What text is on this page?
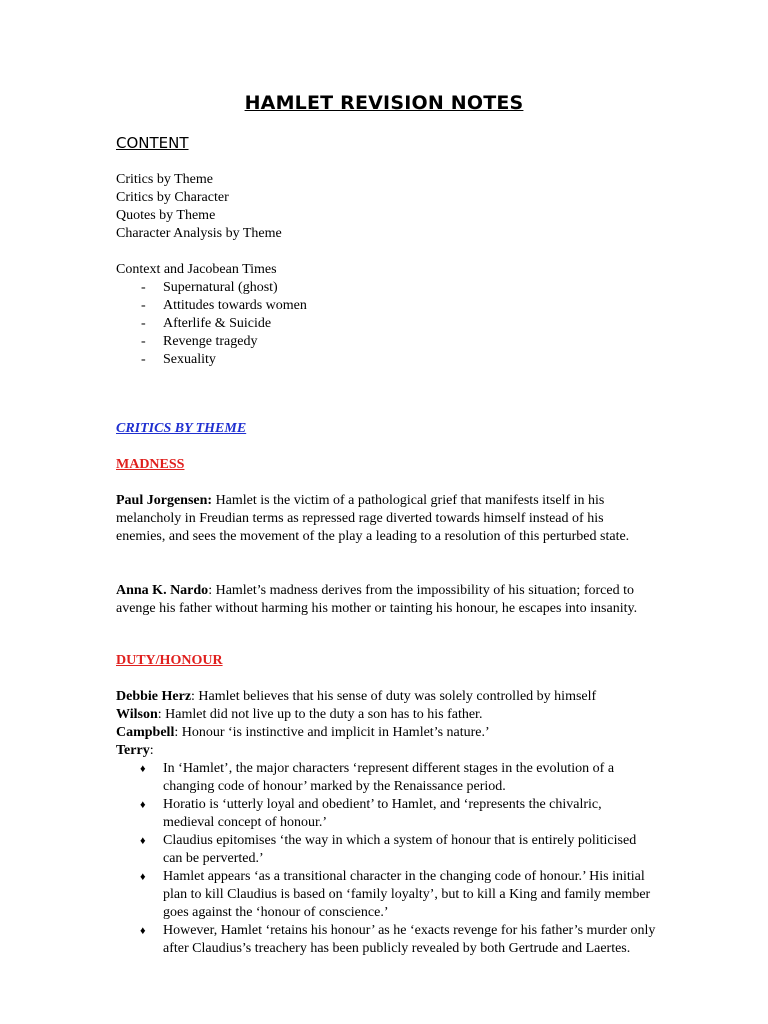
HAMLET REVISION NOTES
CONTENT
Critics by Theme
Critics by Character
Quotes by Theme
Character Analysis by Theme
Context and Jacobean Times
- Supernatural (ghost)
- Attitudes towards women
- Afterlife & Suicide
- Revenge tragedy
- Sexuality
CRITICS BY THEME
MADNESS
Paul Jorgensen: Hamlet is the victim of a pathological grief that manifests itself in his melancholy in Freudian terms as repressed rage diverted towards himself instead of his enemies, and sees the movement of the play a leading to a resolution of this perturbed state.
Anna K. Nardo: Hamlet’s madness derives from the impossibility of his situation; forced to avenge his father without harming his mother or tainting his honour, he escapes into insanity.
DUTY/HONOUR
Debbie Herz: Hamlet believes that his sense of duty was solely controlled by himself
Wilson: Hamlet did not live up to the duty a son has to his father.
Campbell: Honour ‘is instinctive and implicit in Hamlet’s nature.’
Terry:
♦ In ‘Hamlet’, the major characters ‘represent different stages in the evolution of a changing code of honour’ marked by the Renaissance period.
♦ Horatio is ‘utterly loyal and obedient’ to Hamlet, and ‘represents the chivalric, medieval concept of honour.’
♦ Claudius epitomises ‘the way in which a system of honour that is entirely politicised can be perverted.’
♦ Hamlet appears ‘as a transitional character in the changing code of honour.’ His initial plan to kill Claudius is based on ‘family loyalty’, but to kill a King and family member goes against the ‘honour of conscience.’
♦ However, Hamlet ‘retains his honour’ as he ‘exacts revenge for his father’s murder only after Claudius’s treachery has been publicly revealed by both Gertrude and Laertes.
